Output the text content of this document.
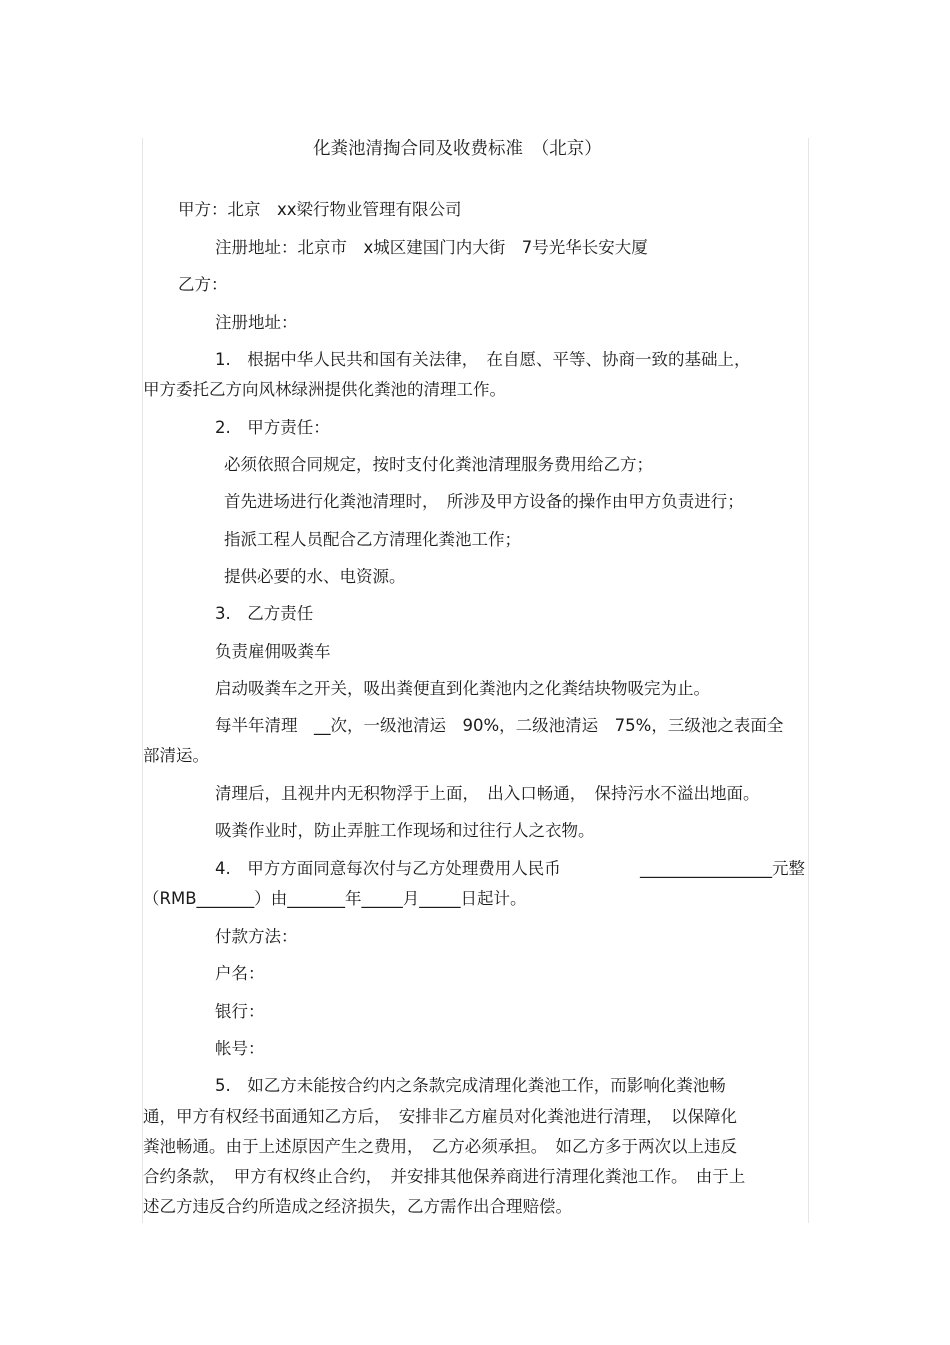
化粪池清掏合同及收费标准　（北京）
甲方：北京　xx梁行物业管理有限公司
注册地址：北京市　x城区建国门内大街　7号光华长安大厦
乙方：
注册地址：
1.　根据中华人民共和国有关法律，　在自愿、平等、协商一致的基础上，
甲方委托乙方向风林绿洲提供化粪池的清理工作。
2.　甲方责任：
必须依照合同规定，按时支付化粪池清理服务费用给乙方；
首先进场进行化粪池清理时，　所涉及甲方设备的操作由甲方负责进行；
指派工程人员配合乙方清理化粪池工作；
提供必要的水、电资源。
3.　乙方责任
负责雇佣吸粪车
启动吸粪车之开关，吸出粪便直到化粪池内之化粪结块物吸完为止。
每半年清理　__次，一级池清运　90%，二级池清运　75%，三级池之表面全
部清运。
清理后，且视井内无积物浮于上面，　出入口畅通，　保持污水不溢出地面。
吸粪作业时，防止弄脏工作现场和过往行人之衣物。
4.　甲方方面同意每次付与乙方处理费用人民币	________________元整
（RMB_______）由_______年_____月_____日起计。
付款方法：
户名：
银行：
帐号：
5.　如乙方未能按合约内之条款完成清理化粪池工作，而影响化粪池畅
通，甲方有权经书面通知乙方后，　安排非乙方雇员对化粪池进行清理，　以保障化
粪池畅通。由于上述原因产生之费用，　乙方必须承担。　如乙方多于两次以上违反
合约条款，　甲方有权终止合约，　并安排其他保养商进行清理化粪池工作。　由于上
述乙方违反合约所造成之经济损失，乙方需作出合理赔偿。
